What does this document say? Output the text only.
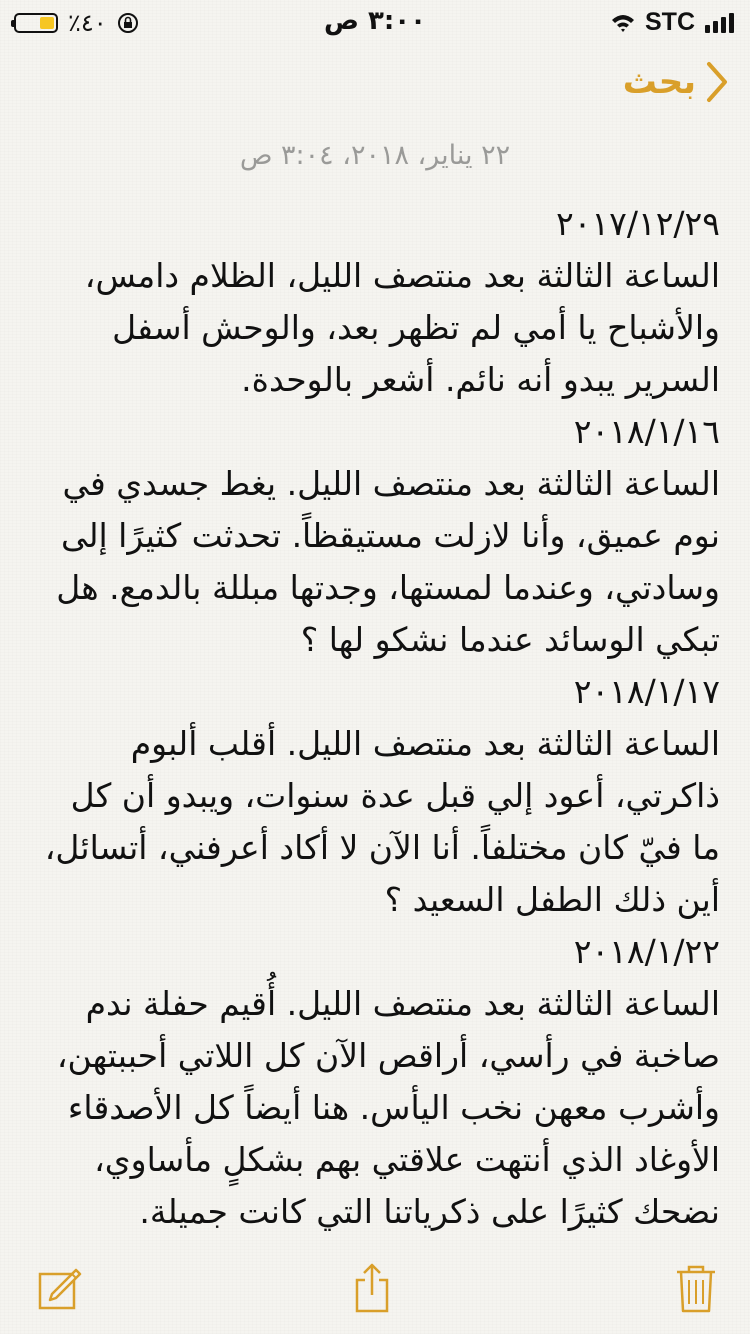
٪٤٠	٣:٠٠ ص	STC
بحث
٢٢ يناير، ٢٠١٨، ٣:٠٤ ص
٢٠١٧/١٢/٢٩
الساعة الثالثة بعد منتصف الليل، الظلام دامس، والأشباح يا أمي لم تظهر بعد، والوحش أسفل السرير يبدو أنه نائم. أشعر بالوحدة.
٢٠١٨/١/١٦
الساعة الثالثة بعد منتصف الليل. يغط جسدي في نوم عميق، وأنا لازلت مستيقظاً. تحدثت كثيرًا إلى وسادتي، وعندما لمستها، وجدتها مبللة بالدمع. هل تبكي الوسائد عندما نشكو لها ؟
٢٠١٨/١/١٧
الساعة الثالثة بعد منتصف الليل. أقلب ألبوم ذاكرتي، أعود إلي قبل عدة سنوات، ويبدو أن كل ما فيّ كان مختلفاً. أنا الآن لا أكاد أعرفني، أتسائل، أين ذلك الطفل السعيد ؟
٢٠١٨/١/٢٢
الساعة الثالثة بعد منتصف الليل. أُقيم حفلة ندم صاخبة في رأسي، أراقص الآن كل اللاتي أحببتهن، وأشرب معهن نخب اليأس. هنا أيضاً كل الأصدقاء الأوغاد الذي أنتهت علاقتي بهم بشكلٍ مأساوي، نضحك كثيرًا على ذكرياتنا التي كانت جميلة.
